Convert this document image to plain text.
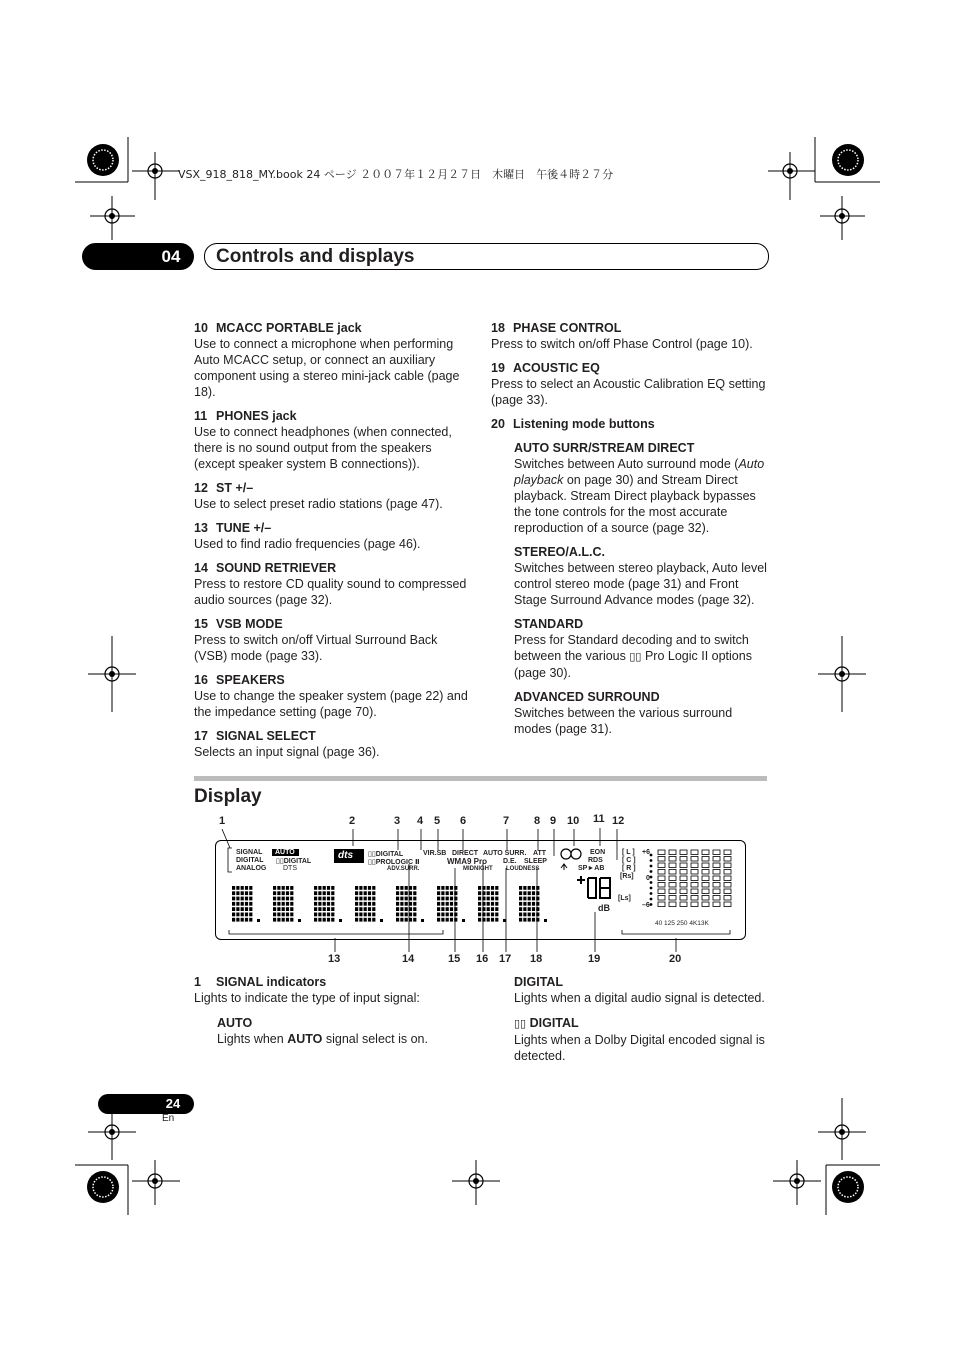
VSX_918_818_MY.book 24 ページ ２００７年１２月２７日　木曜日　午後４時２７分
04	Controls and displays

10 MCACC PORTABLE jack

Use to connect a microphone when performing Auto MCACC setup, or connect an auxiliary component using a stereo mini-jack cable (page 18).

11 PHONES jack

Use to connect headphones (when connected, there is no sound output from the speakers (except speaker system B connections)).

12 ST +/–

Use to select preset radio stations (page 47).

13 TUNE +/–

Used to find radio frequencies (page 46).

14 SOUND RETRIEVER

Press to restore CD quality sound to compressed audio sources (page 32).

15 VSB MODE

Press to switch on/off Virtual Surround Back (VSB) mode (page 33).

16 SPEAKERS

Use to change the speaker system (page 22) and the impedance setting (page 70).

17 SIGNAL SELECT

Selects an input signal (page 36).

18 PHASE CONTROL

Press to switch on/off Phase Control (page 10).

19 ACOUSTIC EQ

Press to select an Acoustic Calibration EQ setting (page 33).

20 Listening mode buttons

AUTO SURR/STREAM DIRECT

Switches between Auto surround mode (Auto playback on page 30) and Stream Direct playback. Stream Direct playback bypasses the tone controls for the most accurate reproduction of a source (page 32).

STEREO/A.L.C.

Switches between stereo playback, Auto level control stereo mode (page 31) and Front Stage Surround Advance modes (page 32).

STANDARD

Press for Standard decoding and to switch between the various ▯▯ Pro Logic II options (page 30).

ADVANCED SURROUND

Switches between the various surround modes (page 31).

Display
1	2	3 4 5 6	7 8 9 10 11 12
SIGNAL AUTO
DIGITAL ▯▯DIGITAL
ANALOG DTS
dts ▯▯DIGITAL
▯▯PROLOGIC Ⅱ
ADV.SURR.
VIR.SB DIRECT
WMA9 Pro
MIDNIGHT
AUTO SURR. ATT
D.E. SLEEP
LOUDNESS
EON
RDS
SP►AB
[ L ]
[ C ]
[ R ]
[Rs]
[Ls]
+6
0
–6
dB
40 125 250 4K13K
13	14	15 16 17 18	19	20

1 SIGNAL indicators

Lights to indicate the type of input signal:

AUTO

Lights when AUTO signal select is on.

DIGITAL

Lights when a digital audio signal is detected.

▯▯ DIGITAL

Lights when a Dolby Digital encoded signal is detected.

24
En
